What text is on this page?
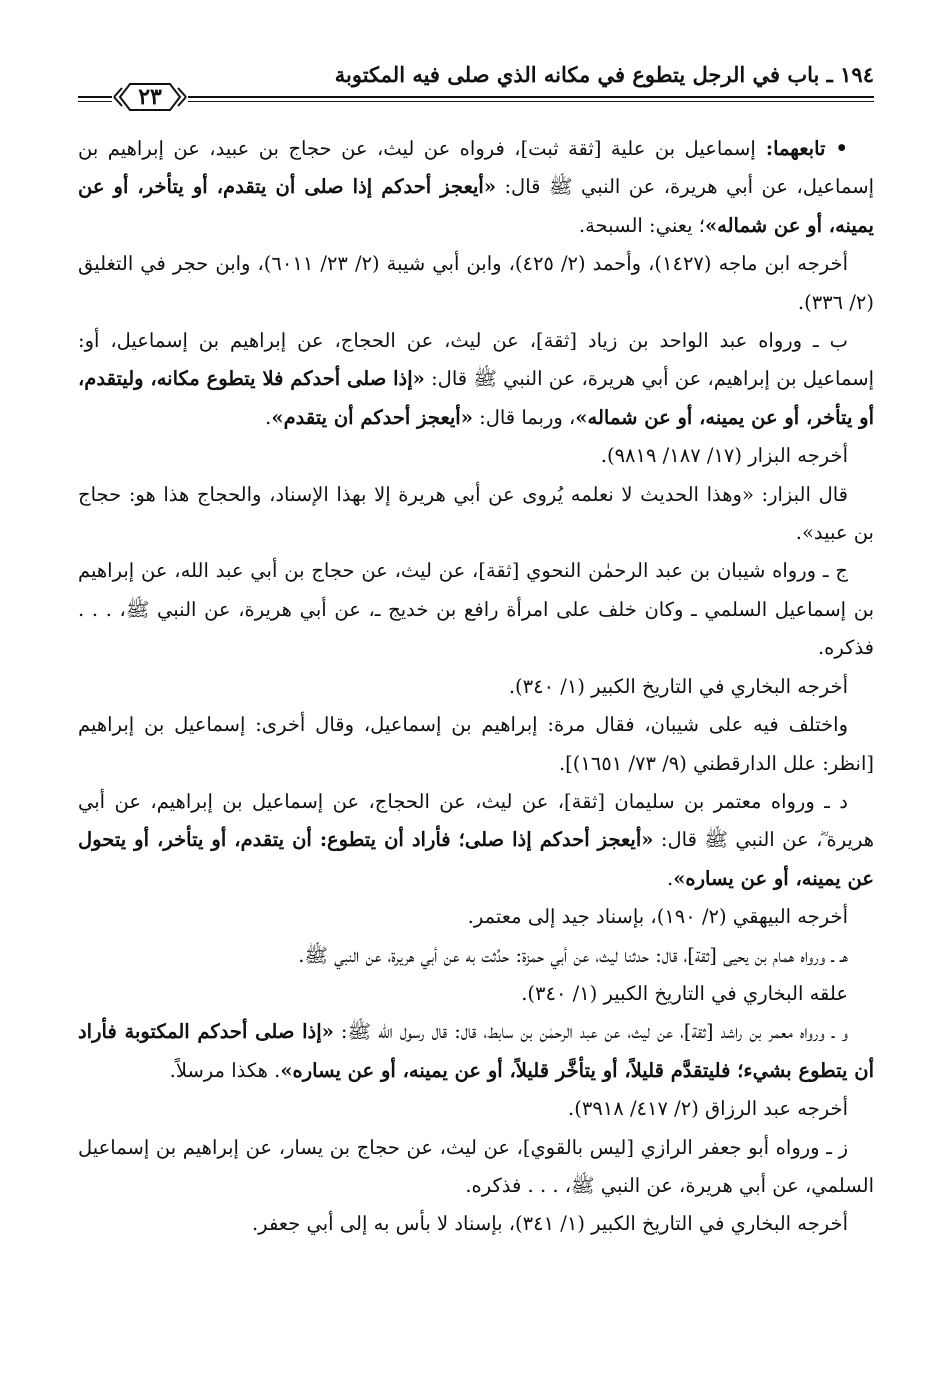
١٩٤ ـ باب في الرجل يتطوع في مكانه الذي صلى فيه المكتوبة
٢٣

• تابعهما: إسماعيل بن علية [ثقة ثبت]، فرواه عن ليث، عن حجاج بن عبيد، عن إبراهيم بن إسماعيل، عن أبي هريرة، عن النبي ﷺ قال: «أيعجز أحدكم إذا صلى أن يتقدم، أو يتأخر، أو عن يمينه، أو عن شماله»؛ يعني: السبحة.

أخرجه ابن ماجه (١٤٢٧)، وأحمد (٢/ ٤٢٥)، وابن أبي شيبة (٢/ ٢٣/ ٦٠١١)، وابن حجر في التغليق (٢/ ٣٣٦).

ب ـ ورواه عبد الواحد بن زياد [ثقة]، عن ليث، عن الحجاج، عن إبراهيم بن إسماعيل، أو: إسماعيل بن إبراهيم، عن أبي هريرة، عن النبي ﷺ قال: «إذا صلى أحدكم فلا يتطوع مكانه، وليتقدم، أو يتأخر، أو عن يمينه، أو عن شماله»، وربما قال: «أيعجز أحدكم أن يتقدم».

أخرجه البزار (١٧/ ١٨٧/ ٩٨١٩).

قال البزار: «وهذا الحديث لا نعلمه يُروى عن أبي هريرة إلا بهذا الإسناد، والحجاج هذا هو: حجاج بن عبيد».

ج ـ ورواه شيبان بن عبد الرحمٰن النحوي [ثقة]، عن ليث، عن حجاج بن أبي عبد الله، عن إبراهيم بن إسماعيل السلمي ـ وكان خلف على امرأة رافع بن خديج ـ، عن أبي هريرة، عن النبي ﷺ، . . . فذكره.

أخرجه البخاري في التاريخ الكبير (١/ ٣٤٠).

واختلف فيه على شيبان، فقال مرة: إبراهيم بن إسماعيل، وقال أخرى: إسماعيل بن إبراهيم [انظر: علل الدارقطني (٩/ ٧٣/ ١٦٥١)].

د ـ ورواه معتمر بن سليمان [ثقة]، عن ليث، عن الحجاج، عن إسماعيل بن إبراهيم، عن أبي هريرة ؓ، عن النبي ﷺ قال: «أيعجز أحدكم إذا صلى؛ فأراد أن يتطوع: أن يتقدم، أو يتأخر، أو يتحول عن يمينه، أو عن يساره».

أخرجه البيهقي (٢/ ١٩٠)، بإسناد جيد إلى معتمر.

هـ ـ ورواه همام بن يحيى [ثقة]، قال: حدثنا ليث، عن أبي حمزة: حدِّثت به عن أبي هريرة، عن النبي ﷺ.

علقه البخاري في التاريخ الكبير (١/ ٣٤٠).

و ـ ورواه معمر بن راشد [ثقة]، عن ليث، عن عبد الرحمٰن بن سابط، قال: قال رسول الله ﷺ: «إذا صلى أحدكم المكتوبة فأراد أن يتطوع بشيء؛ فليتقدَّم قليلاً، أو يتأخَّر قليلاً، أو عن يمينه، أو عن يساره». هكذا مرسلاً.

أخرجه عبد الرزاق (٢/ ٤١٧/ ٣٩١٨).

ز ـ ورواه أبو جعفر الرازي [ليس بالقوي]، عن ليث، عن حجاج بن يسار، عن إبراهيم بن إسماعيل السلمي، عن أبي هريرة، عن النبي ﷺ، . . . فذكره.

أخرجه البخاري في التاريخ الكبير (١/ ٣٤١)، بإسناد لا بأس به إلى أبي جعفر.
